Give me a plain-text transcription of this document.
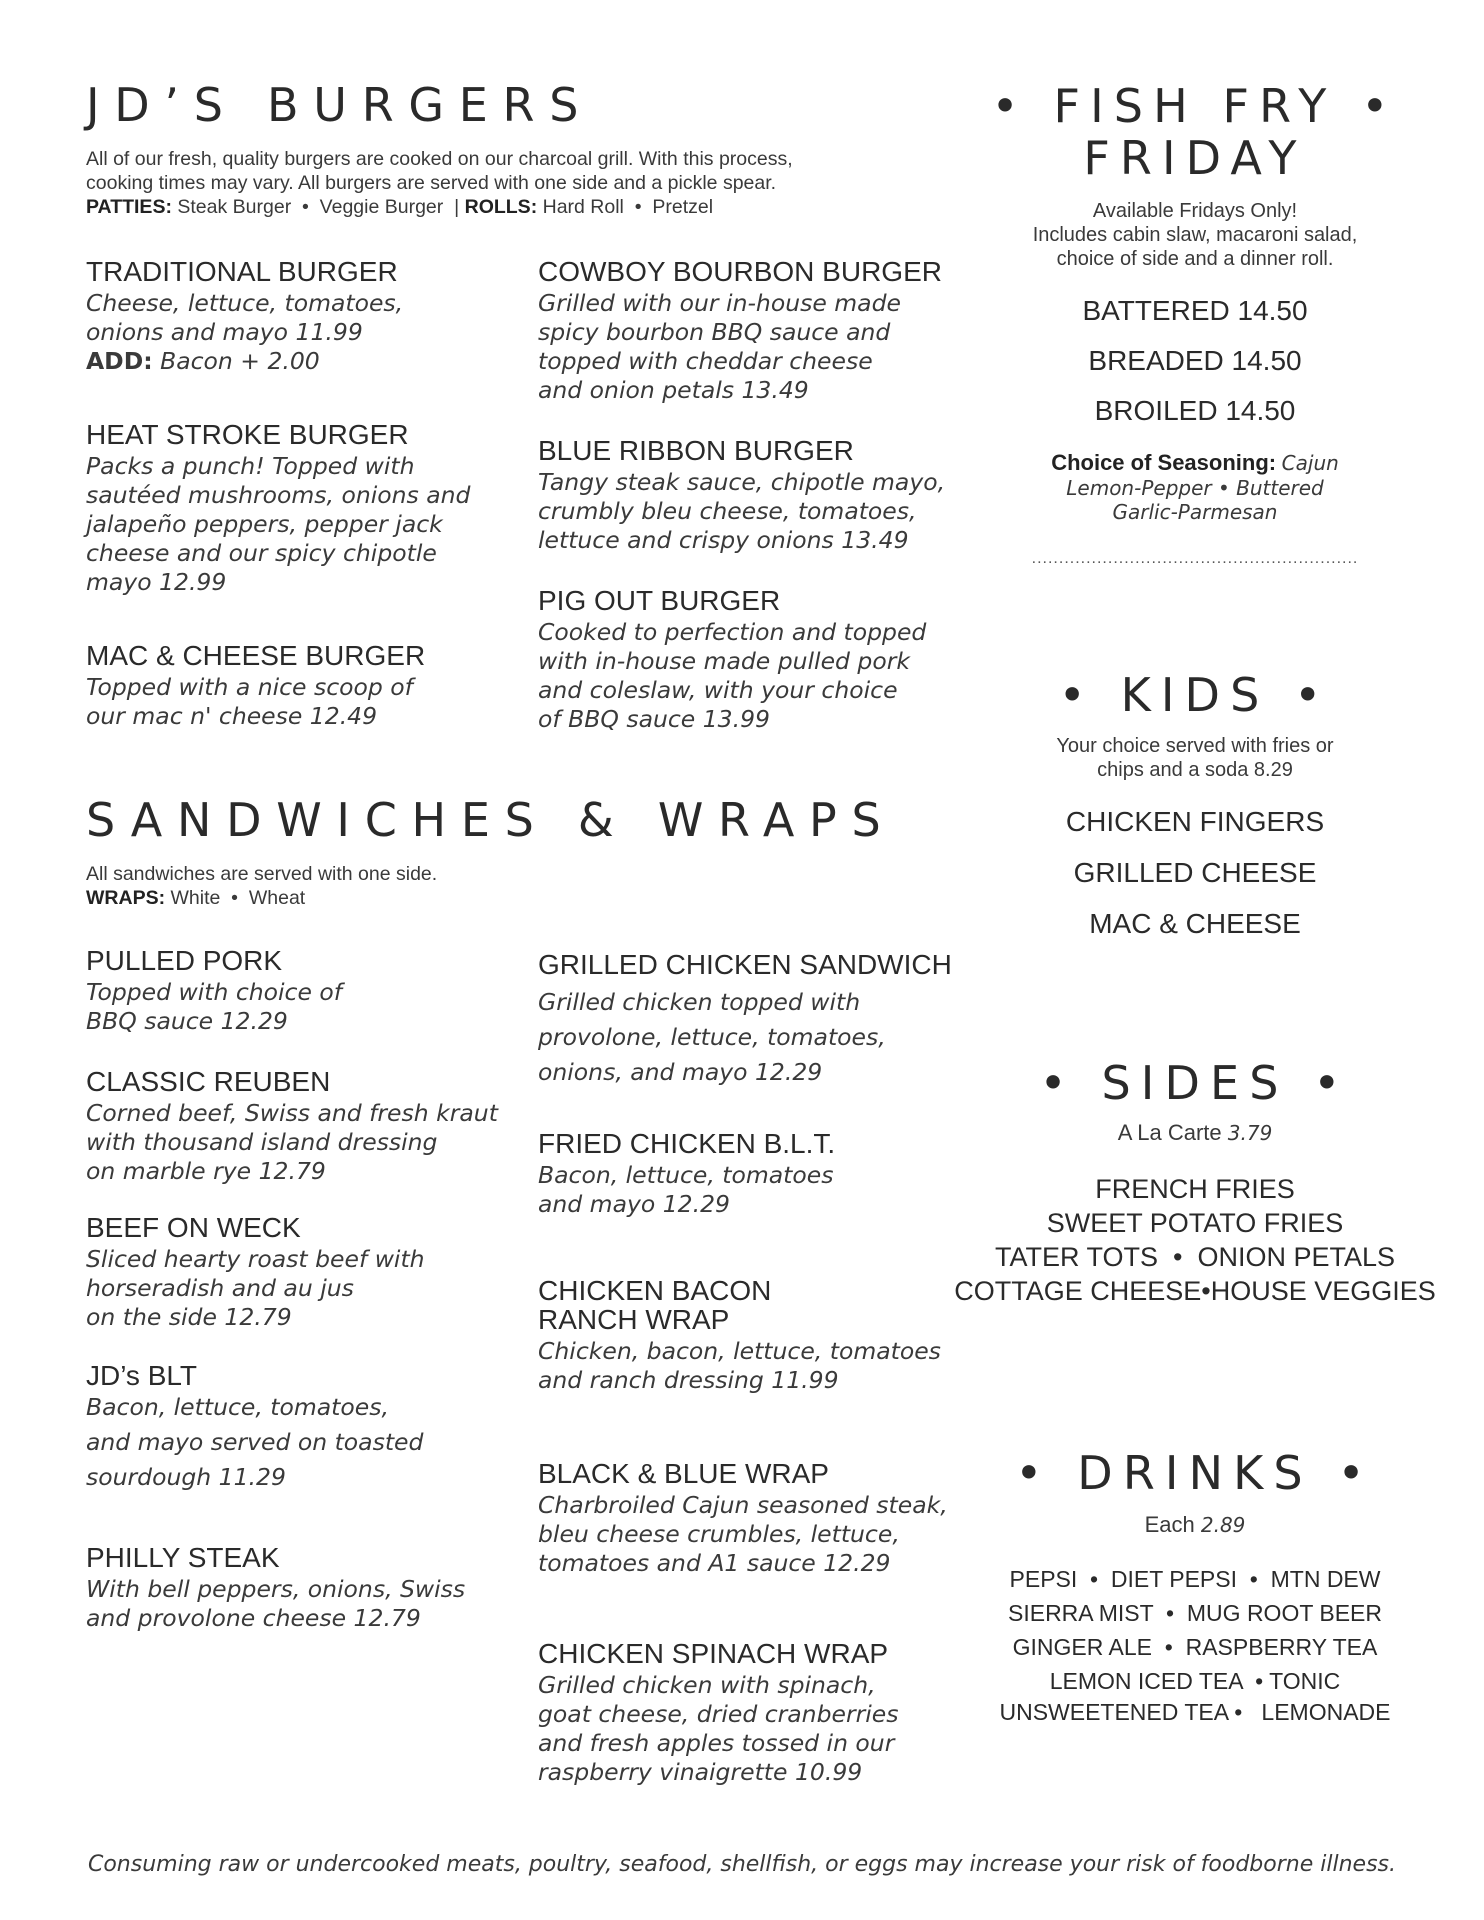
JD’S BURGERS
All of our fresh, quality burgers are cooked on our charcoal grill. With this process,
cooking times may vary. All burgers are served with one side and a pickle spear.
PATTIES: Steak Burger  •  Veggie Burger  | ROLLS: Hard Roll  •  Pretzel
TRADITIONAL BURGER
Cheese, lettuce, tomatoes,
onions and mayo 11.99
ADD: Bacon + 2.00
HEAT STROKE BURGER
Packs a punch! Topped with
sautéed mushrooms, onions and
jalapeño peppers, pepper jack
cheese and our spicy chipotle
mayo 12.99
MAC & CHEESE BURGER
Topped with a nice scoop of
our mac n' cheese 12.49
COWBOY BOURBON BURGER
Grilled with our in-house made
spicy bourbon BBQ sauce and
topped with cheddar cheese
and onion petals 13.49
BLUE RIBBON BURGER
Tangy steak sauce, chipotle mayo,
crumbly bleu cheese, tomatoes,
lettuce and crispy onions 13.49
PIG OUT BURGER
Cooked to perfection and topped
with in-house made pulled pork
and coleslaw, with your choice
of BBQ sauce 13.99
SANDWICHES & WRAPS
All sandwiches are served with one side.
WRAPS: White  •  Wheat
PULLED PORK
Topped with choice of
BBQ sauce 12.29
CLASSIC REUBEN
Corned beef, Swiss and fresh kraut
with thousand island dressing
on marble rye 12.79
BEEF ON WECK
Sliced hearty roast beef with
horseradish and au jus
on the side 12.79
JD’s BLT
Bacon, lettuce, tomatoes,
and mayo served on toasted
sourdough 11.29
PHILLY STEAK
With bell peppers, onions, Swiss
and provolone cheese 12.79
GRILLED CHICKEN SANDWICH
Grilled chicken topped with
provolone, lettuce, tomatoes,
onions, and mayo 12.29
FRIED CHICKEN B.L.T.
Bacon, lettuce, tomatoes
and mayo 12.29
CHICKEN BACON
RANCH WRAP
Chicken, bacon, lettuce, tomatoes
and ranch dressing 11.99
BLACK & BLUE WRAP
Charbroiled Cajun seasoned steak,
bleu cheese crumbles, lettuce,
tomatoes and A1 sauce 12.29
CHICKEN SPINACH WRAP
Grilled chicken with spinach,
goat cheese, dried cranberries
and fresh apples tossed in our
raspberry vinaigrette 10.99
• FISH FRY •
FRIDAY
Available Fridays Only!
Includes cabin slaw, macaroni salad,
choice of side and a dinner roll.
BATTERED 14.50
BREADED 14.50
BROILED 14.50
Choice of Seasoning: Cajun
Lemon-Pepper • Buttered
Garlic-Parmesan
............................................................
• KIDS •
Your choice served with fries or
chips and a soda 8.29
CHICKEN FINGERS
GRILLED CHEESE
MAC & CHEESE
• SIDES •
A La Carte 3.79
FRENCH FRIES
SWEET POTATO FRIES
TATER TOTS  •  ONION PETALS
COTTAGE CHEESE•HOUSE VEGGIES
• DRINKS •
Each 2.89
PEPSI  •  DIET PEPSI  •  MTN DEW
SIERRA MIST  •  MUG ROOT BEER
GINGER ALE  •  RASPBERRY TEA
LEMON ICED TEA  • TONIC
UNSWEETENED TEA •   LEMONADE
Consuming raw or undercooked meats, poultry, seafood, shellfish, or eggs may increase your risk of foodborne illness.
